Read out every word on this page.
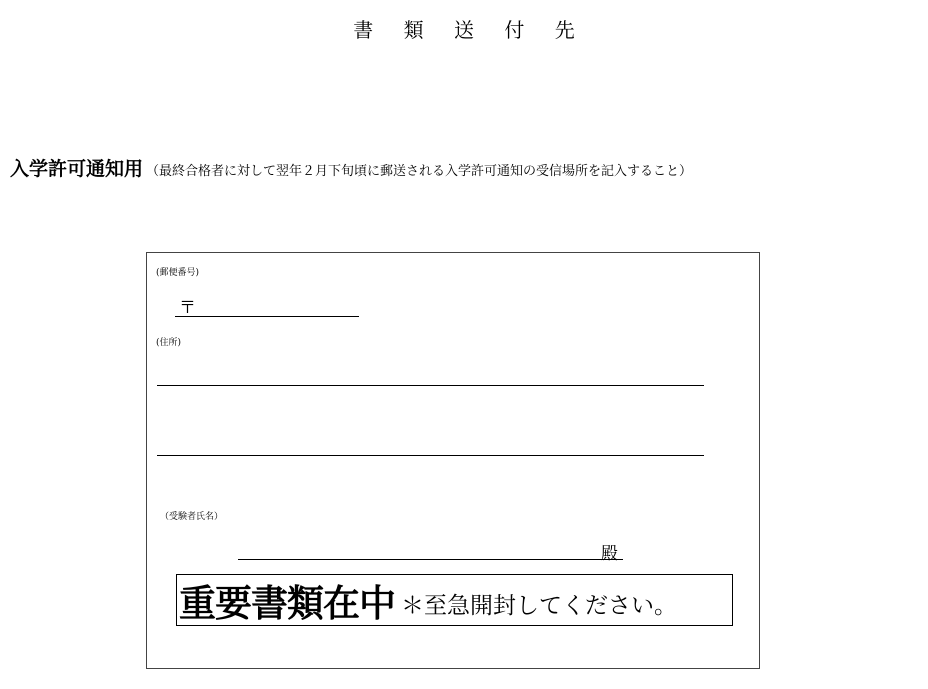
書 類 送 付 先
入学許可通知用 （最終合格者に対して翌年２月下旬頃に郵送される入学許可通知の受信場所を記入すること）
(郵便番号)
〒
(住所)
（受験者氏名）
殿
重要書類在中 ＊至急開封してください。
